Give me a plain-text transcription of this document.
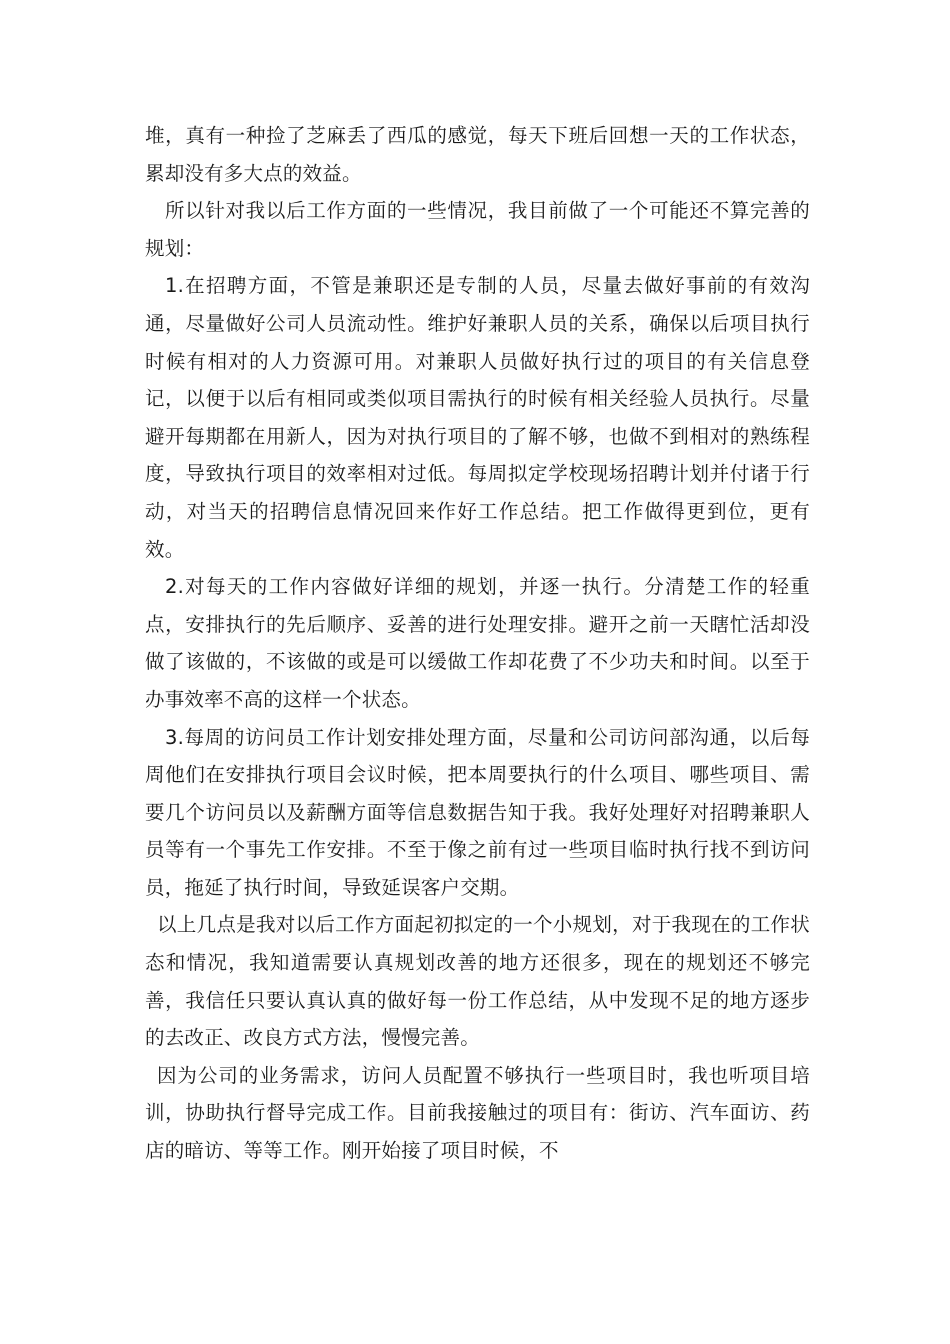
堆，真有一种捡了芝麻丢了西瓜的感觉，每天下班后回想一天的工作状态，累却没有多大点的效益。

所以针对我以后工作方面的一些情况，我目前做了一个可能还不算完善的规划：

1.在招聘方面，不管是兼职还是专制的人员，尽量去做好事前的有效沟通，尽量做好公司人员流动性。维护好兼职人员的关系，确保以后项目执行时候有相对的人力资源可用。对兼职人员做好执行过的项目的有关信息登记，以便于以后有相同或类似项目需执行的时候有相关经验人员执行。尽量避开每期都在用新人，因为对执行项目的了解不够，也做不到相对的熟练程度，导致执行项目的效率相对过低。每周拟定学校现场招聘计划并付诸于行动，对当天的招聘信息情况回来作好工作总结。把工作做得更到位，更有效。

2.对每天的工作内容做好详细的规划，并逐一执行。分清楚工作的轻重点，安排执行的先后顺序、妥善的进行处理安排。避开之前一天瞎忙活却没做了该做的，不该做的或是可以缓做工作却花费了不少功夫和时间。以至于办事效率不高的这样一个状态。

3.每周的访问员工作计划安排处理方面，尽量和公司访问部沟通，以后每周他们在安排执行项目会议时候，把本周要执行的什么项目、哪些项目、需要几个访问员以及薪酬方面等信息数据告知于我。我好处理好对招聘兼职人员等有一个事先工作安排。不至于像之前有过一些项目临时执行找不到访问员，拖延了执行时间，导致延误客户交期。

以上几点是我对以后工作方面起初拟定的一个小规划，对于我现在的工作状态和情况，我知道需要认真规划改善的地方还很多，现在的规划还不够完善，我信任只要认真认真的做好每一份工作总结，从中发现不足的地方逐步的去改正、改良方式方法，慢慢完善。

因为公司的业务需求，访问人员配置不够执行一些项目时，我也听项目培训，协助执行督导完成工作。目前我接触过的项目有：街访、汽车面访、药店的暗访、等等工作。刚开始接了项目时候，不
